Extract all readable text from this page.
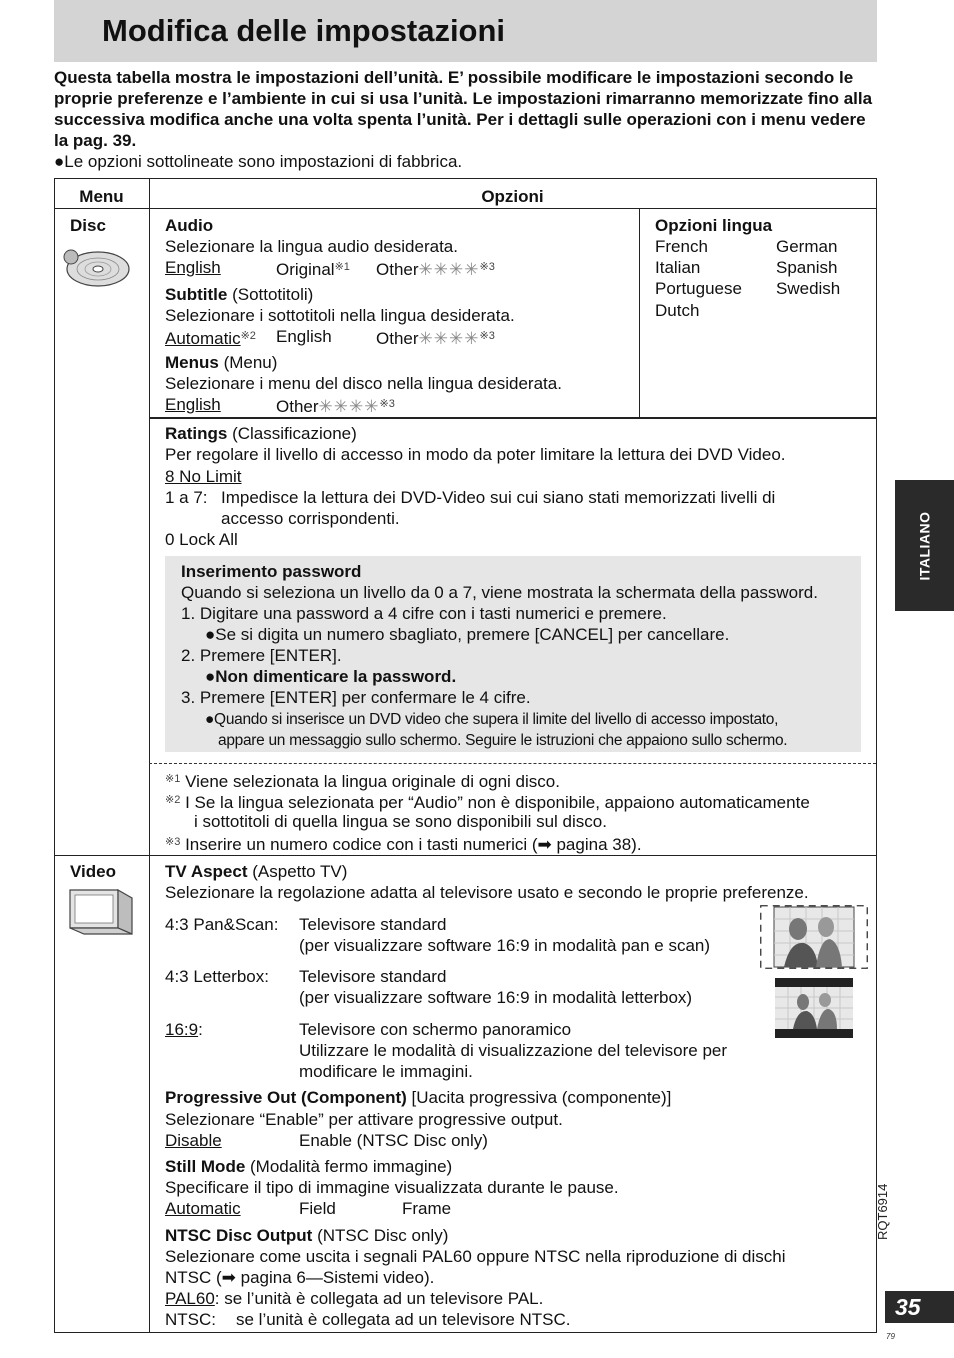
Modifica delle impostazioni
Questa tabella mostra le impostazioni dell’unità. E’ possibile modificare le impostazioni secondo le proprie preferenze e l’ambiente in cui si usa l’unità. Le impostazioni rimarranno memorizzate fino alla successiva modifica anche una volta spenta l’unità. Per i dettagli sulle operazioni con i menu vedere la pag. 39.
●Le opzioni sottolineate sono impostazioni di fabbrica.
Menu	Opzioni
Disc	Audio
Selezionare la lingua audio desiderata.
English	Original$^{※1}$ Other✳✳✳✳$^{※3}$
Subtitle (Sottotitoli)
Selezionare i sottotitoli nella lingua desiderata.
Automatic$^{※2}$ English	Other✳✳✳✳$^{※3}$
Menus (Menu)
Selezionare i menu del disco nella lingua desiderata.
English	Other✳✳✳✳$^{※3}$
Opzioni lingua
French	German
Italian	Spanish
Portuguese Swedish
Dutch
Ratings (Classificazione)
Per regolare il livello di accesso in modo da poter limitare la lettura dei DVD Video.
8 No Limit
1 a 7: Impedisce la lettura dei DVD-Video sui cui siano stati memorizzati livelli di
accesso corrispondenti.
0 Lock All
Inserimento password
Quando si seleziona un livello da 0 a 7, viene mostrata la schermata della password.
1. Digitare una password a 4 cifre con i tasti numerici e premere.
●Se si digita un numero sbagliato, premere [CANCEL] per cancellare.
2. Premere [ENTER].
●Non dimenticare la password.
3. Premere [ENTER] per confermare le 4 cifre.
●Quando si inserisce un DVD video che supera il limite del livello di accesso impostato,
appare un messaggio sullo schermo. Seguire le istruzioni che appaiono sullo schermo.
$^{※1}$ Viene selezionata la lingua originale di ogni disco.
$^{※2}$ I Se la lingua selezionata per “Audio” non è disponibile, appaiono automaticamente
i sottotitoli di quella lingua se sono disponibili sul disco.
$^{※3}$ Inserire un numero codice con i tasti numerici (➡ pagina 38).
Video	TV Aspect (Aspetto TV)
Selezionare la regolazione adatta al televisore usato e secondo le proprie preferenze.
4:3 Pan&Scan: Televisore standard
(per visualizzare software 16:9 in modalità pan e scan)
4:3 Letterbox: Televisore standard
(per visualizzare software 16:9 in modalità letterbox)
16:9:	Televisore con schermo panoramico
Utilizzare le modalità di visualizzazione del televisore per
modificare le immagini.
Progressive Out (Component) [Uacita progressiva (componente)]
Selezionare “Enable” per attivare progressive output.
Disable	Enable (NTSC Disc only)
Still Mode (Modalità fermo immagine)
Specificare il tipo di immagine visualizzata durante le pause.
Automatic	Field	Frame
NTSC Disc Output (NTSC Disc only)
Selezionare come uscita i segnali PAL60 oppure NTSC nella riproduzione di dischi
NTSC (➡ pagina 6—Sistemi video).
PAL60: se l’unità è collegata ad un televisore PAL.
NTSC: se l’unità è collegata ad un televisore NTSC.
ITALIANO
RQT6914
35
79
